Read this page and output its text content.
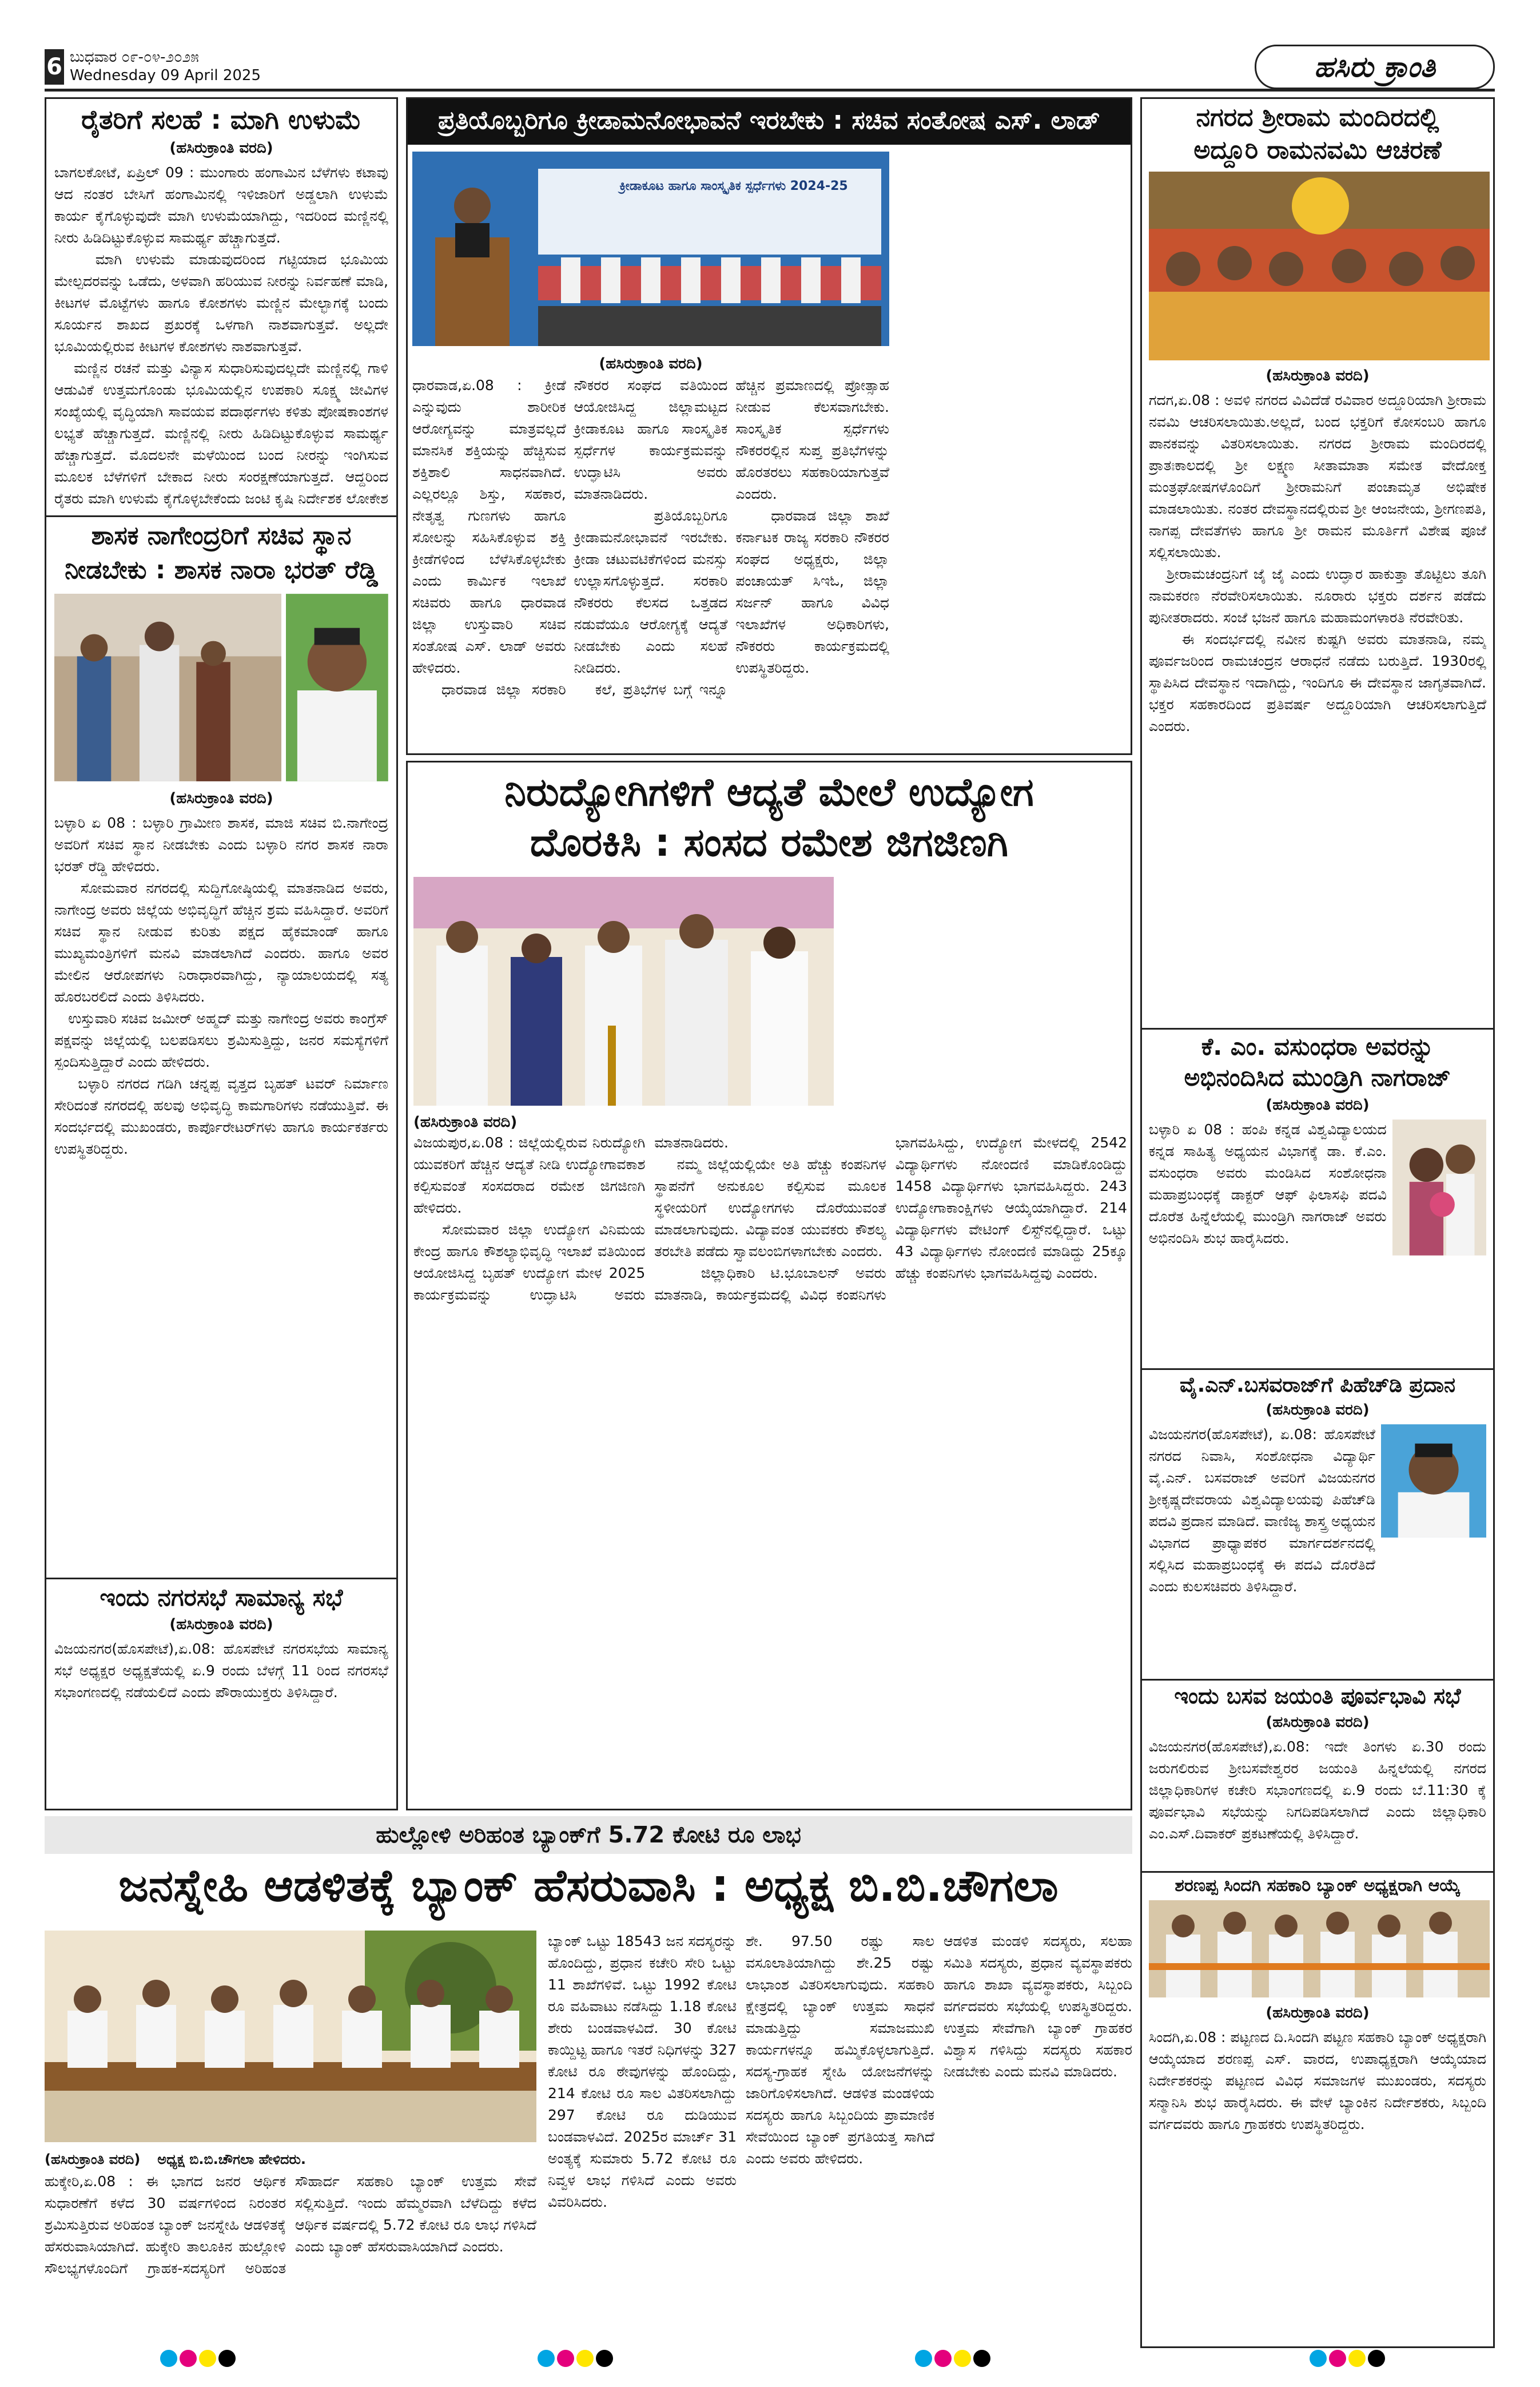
6 ಬುಧವಾರ ೦೯-೦೪-೨೦೨೫
Wednesday 09 April 2025	ಹಸಿರು ಕ್ರಾಂತಿ
ರೈತರಿಗೆ ಸಲಹೆ : ಮಾಗಿ ಉಳುಮೆ
(ಹಸಿರುಕ್ರಾಂತಿ ವರದಿ)
ಬಾಗಲಕೋಟೆ, ಏಪ್ರಿಲ್ 09 : ಮುಂಗಾರು ಹಂಗಾಮಿನ ಬೆಳೆಗಳು ಕಟಾವು ಆದ ನಂತರ ಬೇಸಿಗೆ ಹಂಗಾಮಿನಲ್ಲಿ ಇಳಿಜಾರಿಗೆ ಅಡ್ಡಲಾಗಿ ಉಳುಮೆ ಕಾರ್ಯ ಕೈಗೊಳ್ಳುವುದೇ ಮಾಗಿ ಉಳುಮೆಯಾಗಿದ್ದು, ಇದರಿಂದ ಮಣ್ಣಿನಲ್ಲಿ ನೀರು ಹಿಡಿದಿಟ್ಟುಕೊಳ್ಳುವ ಸಾಮರ್ಥ್ಯ ಹೆಚ್ಚಾಗುತ್ತದೆ.
ಮಾಗಿ ಉಳುಮೆ ಮಾಡುವುದರಿಂದ ಗಟ್ಟಿಯಾದ ಭೂಮಿಯ ಮೇಲ್ಪದರವನ್ನು ಒಡೆದು, ಅಳವಾಗಿ ಹರಿಯುವ ನೀರನ್ನು ನಿರ್ವಹಣೆ ಮಾಡಿ, ಕೀಟಗಳ ಮೊಟ್ಟೆಗಳು ಹಾಗೂ ಕೋಶಗಳು ಮಣ್ಣಿನ ಮೇಲ್ಭಾಗಕ್ಕೆ ಬಂದು ಸೂರ್ಯನ ಶಾಖದ ಪ್ರಖರಕ್ಕೆ ಒಳಗಾಗಿ ನಾಶವಾಗುತ್ತವೆ. ಅಲ್ಲದೇ ಭೂಮಿಯಲ್ಲಿರುವ ಕೀಟಗಳ ಕೋಶಗಳು ನಾಶವಾಗುತ್ತವೆ.
ಮಣ್ಣಿನ ರಚನೆ ಮತ್ತು ವಿನ್ಯಾಸ ಸುಧಾರಿಸುವುದಲ್ಲದೇ ಮಣ್ಣಿನಲ್ಲಿ ಗಾಳಿ ಆಡುವಿಕೆ ಉತ್ತಮಗೊಂಡು ಭೂಮಿಯಲ್ಲಿನ ಉಪಕಾರಿ ಸೂಕ್ಷ್ಮ ಜೀವಿಗಳ ಸಂಖ್ಯೆಯಲ್ಲಿ ವೃದ್ಧಿಯಾಗಿ ಸಾವಯವ ಪದಾರ್ಥಗಳು ಕಳಿತು ಪೋಷಕಾಂಶಗಳ ಲಭ್ಯತೆ ಹೆಚ್ಚಾಗುತ್ತದೆ. ಮಣ್ಣಿನಲ್ಲಿ ನೀರು ಹಿಡಿದಿಟ್ಟುಕೊಳ್ಳುವ ಸಾಮರ್ಥ್ಯ ಹೆಚ್ಚಾಗುತ್ತದೆ. ಮೊದಲನೇ ಮಳೆಯಿಂದ ಬಂದ ನೀರನ್ನು ಇಂಗಿಸುವ ಮೂಲಕ ಬೆಳೆಗಳಿಗೆ ಬೇಕಾದ ನೀರು ಸಂರಕ್ಷಣೆಯಾಗುತ್ತದೆ. ಆದ್ದರಿಂದ ರೈತರು ಮಾಗಿ ಉಳುಮೆ ಕೈಗೊಳ್ಳಬೇಕೆಂದು ಜಂಟಿ ಕೃಷಿ ನಿರ್ದೇಶಕ ಲೋಕೇಶ
ಶಾಸಕ ನಾಗೇಂದ್ರರಿಗೆ ಸಚಿವ ಸ್ಥಾನ
ನೀಡಬೇಕು : ಶಾಸಕ ನಾರಾ ಭರತ್ ರೆಡ್ಡಿ
(ಹಸಿರುಕ್ರಾಂತಿ ವರದಿ)
ಬಳ್ಳಾರಿ ಏ 08 : ಬಳ್ಳಾರಿ ಗ್ರಾಮೀಣ ಶಾಸಕ, ಮಾಜಿ ಸಚಿವ ಬಿ.ನಾಗೇಂದ್ರ ಅವರಿಗೆ ಸಚಿವ ಸ್ಥಾನ ನೀಡಬೇಕು ಎಂದು ಬಳ್ಳಾರಿ ನಗರ ಶಾಸಕ ನಾರಾ ಭರತ್ ರೆಡ್ಡಿ ಹೇಳಿದರು.
ಸೋಮವಾರ ನಗರದಲ್ಲಿ ಸುದ್ದಿಗೋಷ್ಠಿಯಲ್ಲಿ ಮಾತನಾಡಿದ ಅವರು, ನಾಗೇಂದ್ರ ಅವರು ಜಿಲ್ಲೆಯ ಅಭಿವೃದ್ಧಿಗೆ ಹೆಚ್ಚಿನ ಶ್ರಮ ವಹಿಸಿದ್ದಾರೆ. ಅವರಿಗೆ ಸಚಿವ ಸ್ಥಾನ ನೀಡುವ ಕುರಿತು ಪಕ್ಷದ ಹೈಕಮಾಂಡ್ ಹಾಗೂ ಮುಖ್ಯಮಂತ್ರಿಗಳಿಗೆ ಮನವಿ ಮಾಡಲಾಗಿದೆ ಎಂದರು. ಹಾಗೂ ಅವರ ಮೇಲಿನ ಆರೋಪಗಳು ನಿರಾಧಾರವಾಗಿದ್ದು, ನ್ಯಾಯಾಲಯದಲ್ಲಿ ಸತ್ಯ ಹೊರಬರಲಿದೆ ಎಂದು ತಿಳಿಸಿದರು.
ಉಸ್ತುವಾರಿ ಸಚಿವ ಜಮೀರ್ ಅಹ್ಮದ್ ಮತ್ತು ನಾಗೇಂದ್ರ ಅವರು ಕಾಂಗ್ರೆಸ್ ಪಕ್ಷವನ್ನು ಜಿಲ್ಲೆಯಲ್ಲಿ ಬಲಪಡಿಸಲು ಶ್ರಮಿಸುತ್ತಿದ್ದು, ಜನರ ಸಮಸ್ಯೆಗಳಿಗೆ ಸ್ಪಂದಿಸುತ್ತಿದ್ದಾರೆ ಎಂದು ಹೇಳಿದರು.
ಬಳ್ಳಾರಿ ನಗರದ ಗಡಿಗಿ ಚನ್ನಪ್ಪ ವೃತ್ತದ ಬೃಹತ್ ಟವರ್ ನಿರ್ಮಾಣ ಸೇರಿದಂತೆ ನಗರದಲ್ಲಿ ಹಲವು ಅಭಿವೃದ್ಧಿ ಕಾಮಗಾರಿಗಳು ನಡೆಯುತ್ತಿವೆ. ಈ ಸಂದರ್ಭದಲ್ಲಿ ಮುಖಂಡರು, ಕಾರ್ಪೊರೇಟರ್‌ಗಳು ಹಾಗೂ ಕಾರ್ಯಕರ್ತರು ಉಪಸ್ಥಿತರಿದ್ದರು.
ಇಂದು ನಗರಸಭೆ ಸಾಮಾನ್ಯ ಸಭೆ
(ಹಸಿರುಕ್ರಾಂತಿ ವರದಿ)
ವಿಜಯನಗರ(ಹೊಸಪೇಟೆ),ಏ.08: ಹೊಸಪೇಟೆ ನಗರಸಭೆಯ ಸಾಮಾನ್ಯ ಸಭೆ ಅಧ್ಯಕ್ಷರ ಅಧ್ಯಕ್ಷತೆಯಲ್ಲಿ ಏ.9 ರಂದು ಬೆಳಗ್ಗೆ 11 ರಿಂದ ನಗರಸಭೆ ಸಭಾಂಗಣದಲ್ಲಿ ನಡೆಯಲಿದೆ ಎಂದು ಪೌರಾಯುಕ್ತರು ತಿಳಿಸಿದ್ದಾರೆ.
ಪ್ರತಿಯೊಬ್ಬರಿಗೂ ಕ್ರೀಡಾಮನೋಭಾವನೆ ಇರಬೇಕು : ಸಚಿವ ಸಂತೋಷ ಎಸ್. ಲಾಡ್
ಕ್ರೀಡಾಕೂಟ ಹಾಗೂ ಸಾಂಸ್ಕೃತಿಕ ಸ್ಪರ್ಧೆಗಳು 2024-25
(ಹಸಿರುಕ್ರಾಂತಿ ವರದಿ)
ಧಾರವಾಡ,ಏ.08 : ಕ್ರೀಡೆ ಎನ್ನುವುದು ಶಾರೀರಿಕ ಆರೋಗ್ಯವನ್ನು ಮಾತ್ರವಲ್ಲದೆ ಮಾನಸಿಕ ಶಕ್ತಿಯನ್ನು ಹೆಚ್ಚಿಸುವ ಶಕ್ತಿಶಾಲಿ ಸಾಧನವಾಗಿದೆ. ಎಲ್ಲರಲ್ಲೂ ಶಿಸ್ತು, ಸಹಕಾರ, ನೇತೃತ್ವ ಗುಣಗಳು ಹಾಗೂ ಸೋಲನ್ನು ಸಹಿಸಿಕೊಳ್ಳುವ ಶಕ್ತಿ ಕ್ರೀಡೆಗಳಿಂದ ಬೆಳೆಸಿಕೊಳ್ಳಬೇಕು ಎಂದು ಕಾರ್ಮಿಕ ಇಲಾಖೆ ಸಚಿವರು ಹಾಗೂ ಧಾರವಾಡ ಜಿಲ್ಲಾ ಉಸ್ತುವಾರಿ ಸಚಿವ ಸಂತೋಷ ಎಸ್. ಲಾಡ್ ಅವರು ಹೇಳಿದರು.
ಧಾರವಾಡ ಜಿಲ್ಲಾ ಸರಕಾರಿ ನೌಕರರ ಸಂಘದ ವತಿಯಿಂದ ಆಯೋಜಿಸಿದ್ದ ಜಿಲ್ಲಾಮಟ್ಟದ ಕ್ರೀಡಾಕೂಟ ಹಾಗೂ ಸಾಂಸ್ಕೃತಿಕ ಸ್ಪರ್ಧೆಗಳ ಕಾರ್ಯಕ್ರಮವನ್ನು ಉದ್ಘಾಟಿಸಿ ಅವರು ಮಾತನಾಡಿದರು.
ಪ್ರತಿಯೊಬ್ಬರಿಗೂ ಕ್ರೀಡಾಮನೋಭಾವನೆ ಇರಬೇಕು. ಕ್ರೀಡಾ ಚಟುವಟಿಕೆಗಳಿಂದ ಮನಸ್ಸು ಉಲ್ಲಾಸಗೊಳ್ಳುತ್ತದೆ. ಸರಕಾರಿ ನೌಕರರು ಕೆಲಸದ ಒತ್ತಡದ ನಡುವೆಯೂ ಆರೋಗ್ಯಕ್ಕೆ ಆದ್ಯತೆ ನೀಡಬೇಕು ಎಂದು ಸಲಹೆ ನೀಡಿದರು.
ಕಲೆ, ಪ್ರತಿಭೆಗಳ ಬಗ್ಗೆ ಇನ್ನೂ ಹೆಚ್ಚಿನ ಪ್ರಮಾಣದಲ್ಲಿ ಪ್ರೋತ್ಸಾಹ ನೀಡುವ ಕೆಲಸವಾಗಬೇಕು. ಸಾಂಸ್ಕೃತಿಕ ಸ್ಪರ್ಧೆಗಳು ನೌಕರರಲ್ಲಿನ ಸುಪ್ತ ಪ್ರತಿಭೆಗಳನ್ನು ಹೊರತರಲು ಸಹಕಾರಿಯಾಗುತ್ತವೆ ಎಂದರು.
ಧಾರವಾಡ ಜಿಲ್ಲಾ ಶಾಖೆ ಕರ್ನಾಟಕ ರಾಜ್ಯ ಸರಕಾರಿ ನೌಕರರ ಸಂಘದ ಅಧ್ಯಕ್ಷರು, ಜಿಲ್ಲಾ ಪಂಚಾಯತ್ ಸಿಇಓ, ಜಿಲ್ಲಾ ಸರ್ಜನ್ ಹಾಗೂ ವಿವಿಧ ಇಲಾಖೆಗಳ ಅಧಿಕಾರಿಗಳು, ನೌಕರರು ಕಾರ್ಯಕ್ರಮದಲ್ಲಿ ಉಪಸ್ಥಿತರಿದ್ದರು.
ನಿರುದ್ಯೋಗಿಗಳಿಗೆ ಆದ್ಯತೆ ಮೇಲೆ ಉದ್ಯೋಗ
ದೊರಕಿಸಿ : ಸಂಸದ ರಮೇಶ ಜಿಗಜಿಣಗಿ
(ಹಸಿರುಕ್ರಾಂತಿ ವರದಿ)
ವಿಜಯಪುರ,ಏ.08 : ಜಿಲ್ಲೆಯಲ್ಲಿರುವ ನಿರುದ್ಯೋಗಿ ಯುವಕರಿಗೆ ಹೆಚ್ಚಿನ ಆದ್ಯತೆ ನೀಡಿ ಉದ್ಯೋಗಾವಕಾಶ ಕಲ್ಪಿಸುವಂತೆ ಸಂಸದರಾದ ರಮೇಶ ಜಿಗಜಿಣಗಿ ಹೇಳಿದರು.
ಸೋಮವಾರ ಜಿಲ್ಲಾ ಉದ್ಯೋಗ ವಿನಿಮಯ ಕೇಂದ್ರ ಹಾಗೂ ಕೌಶಲ್ಯಾಭಿವೃದ್ಧಿ ಇಲಾಖೆ ವತಿಯಿಂದ ಆಯೋಜಿಸಿದ್ದ ಬೃಹತ್ ಉದ್ಯೋಗ ಮೇಳ 2025 ಕಾರ್ಯಕ್ರಮವನ್ನು ಉದ್ಘಾಟಿಸಿ ಅವರು ಮಾತನಾಡಿದರು.
ನಮ್ಮ ಜಿಲ್ಲೆಯಲ್ಲಿಯೇ ಅತಿ ಹೆಚ್ಚು ಕಂಪನಿಗಳ ಸ್ಥಾಪನೆಗೆ ಅನುಕೂಲ ಕಲ್ಪಿಸುವ ಮೂಲಕ ಸ್ಥಳೀಯರಿಗೆ ಉದ್ಯೋಗಗಳು ದೊರೆಯುವಂತೆ ಮಾಡಲಾಗುವುದು. ವಿದ್ಯಾವಂತ ಯುವಕರು ಕೌಶಲ್ಯ ತರಬೇತಿ ಪಡೆದು ಸ್ವಾವಲಂಬಿಗಳಾಗಬೇಕು ಎಂದರು.
ಜಿಲ್ಲಾಧಿಕಾರಿ ಟಿ.ಭೂಬಾಲನ್ ಅವರು ಮಾತನಾಡಿ, ಕಾರ್ಯಕ್ರಮದಲ್ಲಿ ವಿವಿಧ ಕಂಪನಿಗಳು ಭಾಗವಹಿಸಿದ್ದು, ಉದ್ಯೋಗ ಮೇಳದಲ್ಲಿ 2542 ವಿದ್ಯಾರ್ಥಿಗಳು ನೋಂದಣಿ ಮಾಡಿಕೊಂಡಿದ್ದು 1458 ವಿದ್ಯಾರ್ಥಿಗಳು ಭಾಗವಹಿಸಿದ್ದರು. 243 ಉದ್ಯೋಗಾಕಾಂಕ್ಷಿಗಳು ಆಯ್ಕೆಯಾಗಿದ್ದಾರೆ. 214 ವಿದ್ಯಾರ್ಥಿಗಳು ವೇಟಿಂಗ್ ಲಿಸ್ಟ್‌ನಲ್ಲಿದ್ದಾರೆ. ಒಟ್ಟು 43 ವಿದ್ಯಾರ್ಥಿಗಳು ನೋಂದಣಿ ಮಾಡಿದ್ದು 25ಕ್ಕೂ ಹೆಚ್ಚು ಕಂಪನಿಗಳು ಭಾಗವಹಿಸಿದ್ದವು ಎಂದರು.
ನಗರದ ಶ್ರೀರಾಮ ಮಂದಿರದಲ್ಲಿ
ಅದ್ದೂರಿ ರಾಮನವಮಿ ಆಚರಣೆ
(ಹಸಿರುಕ್ರಾಂತಿ ವರದಿ)
ಗದಗ,ಏ.08 : ಅವಳಿ ನಗರದ ವಿವಿದೆಡೆ ರವಿವಾರ ಅದ್ದೂರಿಯಾಗಿ ಶ್ರೀರಾಮ ನವಮಿ ಆಚರಿಸಲಾಯಿತು.ಅಲ್ಲದೆ, ಬಂದ ಭಕ್ತರಿಗೆ ಕೋಸಂಬರಿ ಹಾಗೂ ಪಾನಕವನ್ನು ವಿತರಿಸಲಾಯಿತು. ನಗರದ ಶ್ರೀರಾಮ ಮಂದಿರದಲ್ಲಿ ಪ್ರಾತಃಕಾಲದಲ್ಲಿ ಶ್ರೀ ಲಕ್ಷ್ಮಣ ಸೀತಾಮಾತಾ ಸಮೇತ ವೇದೋಕ್ತ ಮಂತ್ರಘೋಷಗಳೊಂದಿಗೆ ಶ್ರೀರಾಮನಿಗೆ ಪಂಚಾಮೃತ ಅಭಿಷೇಕ ಮಾಡಲಾಯಿತು. ನಂತರ ದೇವಸ್ಥಾನದಲ್ಲಿರುವ ಶ್ರೀ ಆಂಜನೇಯ, ಶ್ರೀಗಣಪತಿ, ನಾಗಪ್ಪ ದೇವತೆಗಳು ಹಾಗೂ ಶ್ರೀ ರಾಮನ ಮೂರ್ತಿಗೆ ವಿಶೇಷ ಪೂಜೆ ಸಲ್ಲಿಸಲಾಯಿತು.
ಶ್ರೀರಾಮಚಂದ್ರನಿಗೆ ಜೈ ಜೈ ಎಂದು ಉದ್ಘಾರ ಹಾಕುತ್ತಾ ತೊಟ್ಟಿಲು ತೂಗಿ ನಾಮಕರಣ ನೆರವೇರಿಸಲಾಯಿತು. ನೂರಾರು ಭಕ್ತರು ದರ್ಶನ ಪಡೆದು ಪುನೀತರಾದರು. ಸಂಜೆ ಭಜನೆ ಹಾಗೂ ಮಹಾಮಂಗಳಾರತಿ ನೆರವೇರಿತು.
ಈ ಸಂದರ್ಭದಲ್ಲಿ ನವೀನ ಕುಷ್ಟಗಿ ಅವರು ಮಾತನಾಡಿ, ನಮ್ಮ ಪೂರ್ವಜರಿಂದ ರಾಮಚಂದ್ರನ ಆರಾಧನೆ ನಡೆದು ಬರುತ್ತಿದೆ. 1930ರಲ್ಲಿ ಸ್ಥಾಪಿಸಿದ ದೇವಸ್ಥಾನ ಇದಾಗಿದ್ದು, ಇಂದಿಗೂ ಈ ದೇವಸ್ಥಾನ ಜಾಗೃತವಾಗಿದೆ. ಭಕ್ತರ ಸಹಕಾರದಿಂದ ಪ್ರತಿವರ್ಷ ಅದ್ದೂರಿಯಾಗಿ ಆಚರಿಸಲಾಗುತ್ತಿದೆ ಎಂದರು.
ಕೆ. ಎಂ. ವಸುಂಧರಾ ಅವರನ್ನು
ಅಭಿನಂದಿಸಿದ ಮುಂಡ್ರಿಗಿ ನಾಗರಾಜ್
(ಹಸಿರುಕ್ರಾಂತಿ ವರದಿ)
ಬಳ್ಳಾರಿ ಏ 08 : ಹಂಪಿ ಕನ್ನಡ ವಿಶ್ವವಿದ್ಯಾಲಯದ ಕನ್ನಡ ಸಾಹಿತ್ಯ ಅಧ್ಯಯನ ವಿಭಾಗಕ್ಕೆ ಡಾ. ಕೆ.ಎಂ. ವಸುಂಧರಾ ಅವರು ಮಂಡಿಸಿದ ಸಂಶೋಧನಾ ಮಹಾಪ್ರಬಂಧಕ್ಕೆ ಡಾಕ್ಟರ್ ಆಫ್ ಫಿಲಾಸಫಿ ಪದವಿ ದೊರೆತ ಹಿನ್ನೆಲೆಯಲ್ಲಿ ಮುಂಡ್ರಿಗಿ ನಾಗರಾಜ್ ಅವರು ಅಭಿನಂದಿಸಿ ಶುಭ ಹಾರೈಸಿದರು.
ವೈ.ಎನ್.ಬಸವರಾಜ್‌ಗೆ ಪಿಹೆಚ್‌ಡಿ ಪ್ರದಾನ
(ಹಸಿರುಕ್ರಾಂತಿ ವರದಿ)
ವಿಜಯನಗರ(ಹೊಸಪೇಟೆ), ಏ.08: ಹೊಸಪೇಟೆ ನಗರದ ನಿವಾಸಿ, ಸಂಶೋಧನಾ ವಿದ್ಯಾರ್ಥಿ ವೈ.ಎನ್. ಬಸವರಾಜ್ ಅವರಿಗೆ ವಿಜಯನಗರ ಶ್ರೀಕೃಷ್ಣದೇವರಾಯ ವಿಶ್ವವಿದ್ಯಾಲಯವು ಪಿಹೆಚ್‌ಡಿ ಪದವಿ ಪ್ರದಾನ ಮಾಡಿದೆ. ವಾಣಿಜ್ಯ ಶಾಸ್ತ್ರ ಅಧ್ಯಯನ ವಿಭಾಗದ ಪ್ರಾಧ್ಯಾಪಕರ ಮಾರ್ಗದರ್ಶನದಲ್ಲಿ ಸಲ್ಲಿಸಿದ ಮಹಾಪ್ರಬಂಧಕ್ಕೆ ಈ ಪದವಿ ದೊರೆತಿದೆ ಎಂದು ಕುಲಸಚಿವರು ತಿಳಿಸಿದ್ದಾರೆ.
ಇಂದು ಬಸವ ಜಯಂತಿ ಪೂರ್ವಭಾವಿ ಸಭೆ
(ಹಸಿರುಕ್ರಾಂತಿ ವರದಿ)
ವಿಜಯನಗರ(ಹೊಸಪೇಟೆ),ಏ.08: ಇದೇ ತಿಂಗಳು ಏ.30 ರಂದು ಜರುಗಲಿರುವ ಶ್ರೀಬಸವೇಶ್ವರರ ಜಯಂತಿ ಹಿನ್ನಲೆಯಲ್ಲಿ ನಗರದ ಜಿಲ್ಲಾಧಿಕಾರಿಗಳ ಕಚೇರಿ ಸಭಾಂಗಣದಲ್ಲಿ ಏ.9 ರಂದು ಬೆ.11:30 ಕ್ಕೆ ಪೂರ್ವಭಾವಿ ಸಭೆಯನ್ನು ನಿಗದಿಪಡಿಸಲಾಗಿದೆ ಎಂದು ಜಿಲ್ಲಾಧಿಕಾರಿ ಎಂ.ಎಸ್.ದಿವಾಕರ್ ಪ್ರಕಟಣೆಯಲ್ಲಿ ತಿಳಿಸಿದ್ದಾರೆ.
ಶರಣಪ್ಪ ಸಿಂದಗಿ ಸಹಕಾರಿ ಬ್ಯಾಂಕ್ ಅಧ್ಯಕ್ಷರಾಗಿ ಆಯ್ಕೆ
(ಹಸಿರುಕ್ರಾಂತಿ ವರದಿ)
ಸಿಂದಗಿ,ಏ.08 : ಪಟ್ಟಣದ ದಿ.ಸಿಂದಗಿ ಪಟ್ಟಣ ಸಹಕಾರಿ ಬ್ಯಾಂಕ್ ಅಧ್ಯಕ್ಷರಾಗಿ ಆಯ್ಕೆಯಾದ ಶರಣಪ್ಪ ಎಸ್. ವಾರದ, ಉಪಾಧ್ಯಕ್ಷರಾಗಿ ಆಯ್ಕೆಯಾದ ನಿರ್ದೇಶಕರನ್ನು ಪಟ್ಟಣದ ವಿವಿಧ ಸಮಾಜಗಳ ಮುಖಂಡರು, ಸದಸ್ಯರು ಸನ್ಮಾನಿಸಿ ಶುಭ ಹಾರೈಸಿದರು. ಈ ವೇಳೆ ಬ್ಯಾಂಕಿನ ನಿರ್ದೇಶಕರು, ಸಿಬ್ಬಂದಿ ವರ್ಗದವರು ಹಾಗೂ ಗ್ರಾಹಕರು ಉಪಸ್ಥಿತರಿದ್ದರು.
ಹುಲ್ಲೋಳಿ ಅರಿಹಂತ ಬ್ಯಾಂಕ್‌ಗೆ 5.72 ಕೋಟಿ ರೂ ಲಾಭ
ಜನಸ್ನೇಹಿ ಆಡಳಿತಕ್ಕೆ ಬ್ಯಾಂಕ್ ಹೆಸರುವಾಸಿ : ಅಧ್ಯಕ್ಷ ಬಿ.ಬಿ.ಚೌಗಲಾ
(ಹಸಿರುಕ್ರಾಂತಿ ವರದಿ) ಅಧ್ಯಕ್ಷ ಬಿ.ಬಿ.ಚೌಗಲಾ ಹೇಳಿದರು.
ಹುಕ್ಕೇರಿ,ಏ.08 : ಈ ಭಾಗದ ಜನರ ಆರ್ಥಿಕ ಸುಧಾರಣೆಗೆ ಕಳೆದ 30 ವರ್ಷಗಳಿಂದ ನಿರಂತರ ಶ್ರಮಿಸುತ್ತಿರುವ ಅರಿಹಂತ ಬ್ಯಾಂಕ್ ಜನಸ್ನೇಹಿ ಆಡಳಿತಕ್ಕೆ ಹೆಸರುವಾಸಿಯಾಗಿದೆ. ಹುಕ್ಕೇರಿ ತಾಲೂಕಿನ ಹುಲ್ಲೋಳಿ ಸೌಲಭ್ಯಗಳೊಂದಿಗೆ ಗ್ರಾಹಕ-ಸದಸ್ಯರಿಗೆ ಅರಿಹಂತ ಸೌಹಾರ್ದ ಸಹಕಾರಿ ಬ್ಯಾಂಕ್ ಉತ್ತಮ ಸೇವೆ ಸಲ್ಲಿಸುತ್ತಿದೆ. ಇಂದು ಹೆಮ್ಮರವಾಗಿ ಬೆಳೆದಿದ್ದು ಕಳೆದ ಆರ್ಥಿಕ ವರ್ಷದಲ್ಲಿ 5.72 ಕೋಟಿ ರೂ ಲಾಭ ಗಳಿಸಿದೆ ಎಂದು ಬ್ಯಾಂಕ್ ಹೆಸರುವಾಸಿಯಾಗಿದೆ ಎಂದರು.
ಬ್ಯಾಂಕ್ ಒಟ್ಟು 18543 ಜನ ಸದಸ್ಯರನ್ನು ಹೊಂದಿದ್ದು, ಪ್ರಧಾನ ಕಚೇರಿ ಸೇರಿ ಒಟ್ಟು 11 ಶಾಖೆಗಳಿವೆ. ಒಟ್ಟು 1992 ಕೋಟಿ ರೂ ವಹಿವಾಟು ನಡೆಸಿದ್ದು 1.18 ಕೋಟಿ ಶೇರು ಬಂಡವಾಳವಿದೆ. 30 ಕೋಟಿ ಕಾಯ್ದಿಟ್ಟ ಹಾಗೂ ಇತರೆ ನಿಧಿಗಳನ್ನು 327 ಕೋಟಿ ರೂ ಠೇವುಗಳನ್ನು ಹೊಂದಿದ್ದು, 214 ಕೋಟಿ ರೂ ಸಾಲ ವಿತರಿಸಲಾಗಿದ್ದು 297 ಕೋಟಿ ರೂ ದುಡಿಯುವ ಬಂಡವಾಳವಿದೆ. 2025ರ ಮಾರ್ಚ್ 31 ಅಂತ್ಯಕ್ಕೆ ಸುಮಾರು 5.72 ಕೋಟಿ ರೂ ನಿವ್ವಳ ಲಾಭ ಗಳಿಸಿದೆ ಎಂದು ಅವರು ವಿವರಿಸಿದರು.
ಶೇ. 97.50 ರಷ್ಟು ಸಾಲ ವಸೂಲಾತಿಯಾಗಿದ್ದು ಶೇ.25 ರಷ್ಟು ಲಾಭಾಂಶ ವಿತರಿಸಲಾಗುವುದು. ಸಹಕಾರಿ ಕ್ಷೇತ್ರದಲ್ಲಿ ಬ್ಯಾಂಕ್ ಉತ್ತಮ ಸಾಧನೆ ಮಾಡುತ್ತಿದ್ದು ಸಮಾಜಮುಖಿ ಕಾರ್ಯಗಳನ್ನೂ ಹಮ್ಮಿಕೊಳ್ಳಲಾಗುತ್ತಿದೆ. ಸದಸ್ಯ-ಗ್ರಾಹಕ ಸ್ನೇಹಿ ಯೋಜನೆಗಳನ್ನು ಜಾರಿಗೊಳಿಸಲಾಗಿದೆ. ಆಡಳಿತ ಮಂಡಳಿಯ ಸದಸ್ಯರು ಹಾಗೂ ಸಿಬ್ಬಂದಿಯ ಪ್ರಾಮಾಣಿಕ ಸೇವೆಯಿಂದ ಬ್ಯಾಂಕ್ ಪ್ರಗತಿಯತ್ತ ಸಾಗಿದೆ ಎಂದು ಅವರು ಹೇಳಿದರು.
ಆಡಳಿತ ಮಂಡಳಿ ಸದಸ್ಯರು, ಸಲಹಾ ಸಮಿತಿ ಸದಸ್ಯರು, ಪ್ರಧಾನ ವ್ಯವಸ್ಥಾಪಕರು ಹಾಗೂ ಶಾಖಾ ವ್ಯವಸ್ಥಾಪಕರು, ಸಿಬ್ಬಂದಿ ವರ್ಗದವರು ಸಭೆಯಲ್ಲಿ ಉಪಸ್ಥಿತರಿದ್ದರು. ಉತ್ತಮ ಸೇವೆಗಾಗಿ ಬ್ಯಾಂಕ್ ಗ್ರಾಹಕರ ವಿಶ್ವಾಸ ಗಳಿಸಿದ್ದು ಸದಸ್ಯರು ಸಹಕಾರ ನೀಡಬೇಕು ಎಂದು ಮನವಿ ಮಾಡಿದರು.
